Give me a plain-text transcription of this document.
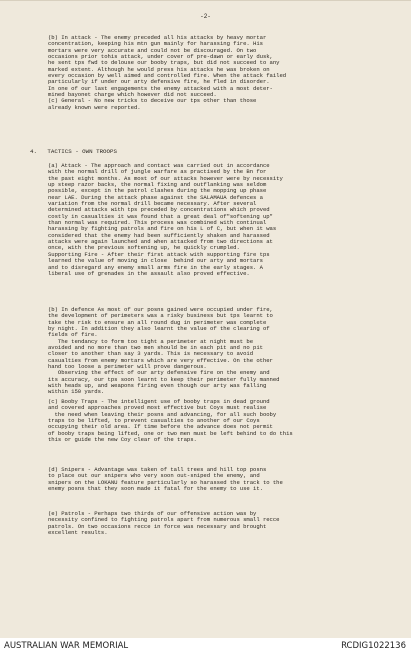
-2-
4.   TACTICS - OWN TROOPS
(b) In attack - The enemy preceded all his attacks by heavy mortar
concentration, keeping his mtn gun mainly for harassing fire. His
mortars were very accurate and could not be discouraged. On two
occasions prior tohis attack, under cover of pre-dawn or early dusk,
he sent tps fwd to delouse our booby traps, but did not succeed to any
marked extent. Although he would press his attacks he was broken on
every occasion by well aimed and controlled fire. When the attack failed
particularly if under our arty defensive fire, he fled in disorder.
In one of our last engagements the enemy attacked with a most deter-
mined bayonet charge which however did not succeed.
(c) General - No new tricks to deceive our tps other than those
already known were reported.
(a) Attack - The approach and contact was carried out in accordance
with the normal drill of jungle warfare as practised by the Bn for
the past eight months. As most of our attacks however were by necessity
up steep razor backs, the normal fixing and outflanking was seldom
possible, except in the patrol clashes during the mopping up phase
near LAE. During the attack phase against the SALAMAUA defences a
variation from the normal drill became necessary. After several
determined attacks with tps preceded by concentrations which proved
costly in casualties it was found that a great deal of"softening up"
than normal was required. This process was combined with continual
harassing by fighting patrols and fire on his L of C, but when it was
considered that the enemy had been sufficiently shaken and harassed
attacks were again launched and when attacked from two directions at
once, with the previous softening up, he quickly crumpled.
Supporting Fire - After their first attack with supporting fire tps
learned the value of moving in close  behind our arty and mortars
and to disregard any enemy small arms fire in the early stages. A
liberal use of grenades in the assault also proved effective.
(b) In defence As most of our posns gained were occupied under fire,
the development of perimeters was a risky business but tps learnt to
take the risk to ensure an all round dug in perimeter was complete
by night. In addition they also learnt the value of the clearing of
fields of fire.
The tendancy to form too tight a perimeter at night must be
avoided and no more than two men should be in each pit and no pit
closer to another than say 3 yards. This is necessary to avoid
casualties from enemy mortars which are very effective. On the other
hand too loose a perimeter will prove dangerous.
Observing the effect of our arty defensive fire on the enemy and
its accuracy, our tps soon learnt to keep their perimeter fully manned
with heads up, and weapons firing even though our arty was falling
within 150 yards.
(c) Booby Traps - The intelligent use of booby traps in dead ground
and covered approaches proved most effective but Coys must realise
the need when leaving their posns and advancing, for all such booby
traps to be lifted, to prevent casualties to another of our Coys
occupying their old area. If time before the advance does not permit
of booby traps being lifted, one or two men must be left behind to do this
this or guide the new Coy clear of the traps.
(d) Snipers - Advantage was taken of tall trees and hill top posns
to place out our snipers who very soon out-sniped the enemy, and
snipers on the LOKANU feature particularly so harassed the track to the
enemy posns that they soon made it fatal for the enemy to use it.
(e) Patrols - Perhaps two thirds of our offensive action was by
necessity confined to fighting patrols apart from numerous small recce
patrols. On two occasions recce in force was necessary and brought
excellent results.
AUSTRALIAN WAR MEMORIAL	RCDIG1022136
